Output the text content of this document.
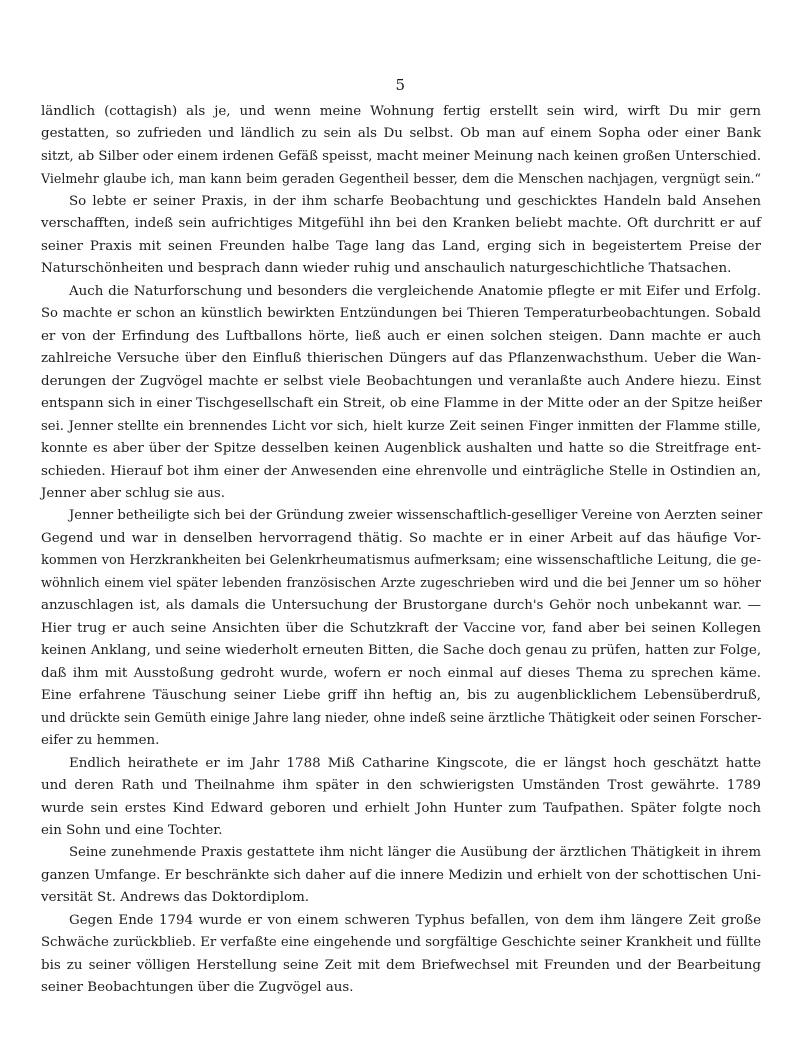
5
ländlich (cottagish) als je, und wenn meine Wohnung fertig erstellt sein wird, wirft Du mir gern
gestatten, so zufrieden und ländlich zu sein als Du selbst. Ob man auf einem Sopha oder einer Bank
sitzt, ab Silber oder einem irdenen Gefäß speisst, macht meiner Meinung nach keinen großen Unterschied.
Vielmehr glaube ich, man kann beim geraden Gegentheil besser, dem die Menschen nachjagen, vergnügt sein.“
So lebte er seiner Praxis, in der ihm scharfe Beobachtung und geschicktes Handeln bald Ansehen
verschafften, indeß sein aufrichtiges Mitgefühl ihn bei den Kranken beliebt machte. Oft durchritt er auf
seiner Praxis mit seinen Freunden halbe Tage lang das Land, erging sich in begeistertem Preise der
Naturschönheiten und besprach dann wieder ruhig und anschaulich naturgeschichtliche Thatsachen.
Auch die Naturforschung und besonders die vergleichende Anatomie pflegte er mit Eifer und Erfolg.
So machte er schon an künstlich bewirkten Entzündungen bei Thieren Temperaturbeobachtungen. Sobald
er von der Erfindung des Luftballons hörte, ließ auch er einen solchen steigen. Dann machte er auch
zahlreiche Versuche über den Einfluß thierischen Düngers auf das Pflanzenwachsthum. Ueber die Wan-
derungen der Zugvögel machte er selbst viele Beobachtungen und veranlaßte auch Andere hiezu. Einst
entspann sich in einer Tischgesellschaft ein Streit, ob eine Flamme in der Mitte oder an der Spitze heißer
sei. Jenner stellte ein brennendes Licht vor sich, hielt kurze Zeit seinen Finger inmitten der Flamme stille,
konnte es aber über der Spitze desselben keinen Augenblick aushalten und hatte so die Streitfrage ent-
schieden. Hierauf bot ihm einer der Anwesenden eine ehrenvolle und einträgliche Stelle in Ostindien an,
Jenner aber schlug sie aus.
Jenner betheiligte sich bei der Gründung zweier wissenschaftlich-geselliger Vereine von Aerzten seiner
Gegend und war in denselben hervorragend thätig. So machte er in einer Arbeit auf das häufige Vor-
kommen von Herzkrankheiten bei Gelenkrheumatismus aufmerksam; eine wissenschaftliche Leitung, die ge-
wöhnlich einem viel später lebenden französischen Arzte zugeschrieben wird und die bei Jenner um so höher
anzuschlagen ist, als damals die Untersuchung der Brustorgane durch's Gehör noch unbekannt war. —
Hier trug er auch seine Ansichten über die Schutzkraft der Vaccine vor, fand aber bei seinen Kollegen
keinen Anklang, und seine wiederholt erneuten Bitten, die Sache doch genau zu prüfen, hatten zur Folge,
daß ihm mit Ausstoßung gedroht wurde, wofern er noch einmal auf dieses Thema zu sprechen käme.
Eine erfahrene Täuschung seiner Liebe griff ihn heftig an, bis zu augenblicklichem Lebensüberdruß,
und drückte sein Gemüth einige Jahre lang nieder, ohne indeß seine ärztliche Thätigkeit oder seinen Forscher-
eifer zu hemmen.
Endlich heirathete er im Jahr 1788 Miß Catharine Kingscote, die er längst hoch geschätzt hatte
und deren Rath und Theilnahme ihm später in den schwierigsten Umständen Trost gewährte. 1789
wurde sein erstes Kind Edward geboren und erhielt John Hunter zum Taufpathen. Später folgte noch
ein Sohn und eine Tochter.
Seine zunehmende Praxis gestattete ihm nicht länger die Ausübung der ärztlichen Thätigkeit in ihrem
ganzen Umfange. Er beschränkte sich daher auf die innere Medizin und erhielt von der schottischen Uni-
versität St. Andrews das Doktordiplom.
Gegen Ende 1794 wurde er von einem schweren Typhus befallen, von dem ihm längere Zeit große
Schwäche zurückblieb. Er verfaßte eine eingehende und sorgfältige Geschichte seiner Krankheit und füllte
bis zu seiner völligen Herstellung seine Zeit mit dem Briefwechsel mit Freunden und der Bearbeitung
seiner Beobachtungen über die Zugvögel aus.
